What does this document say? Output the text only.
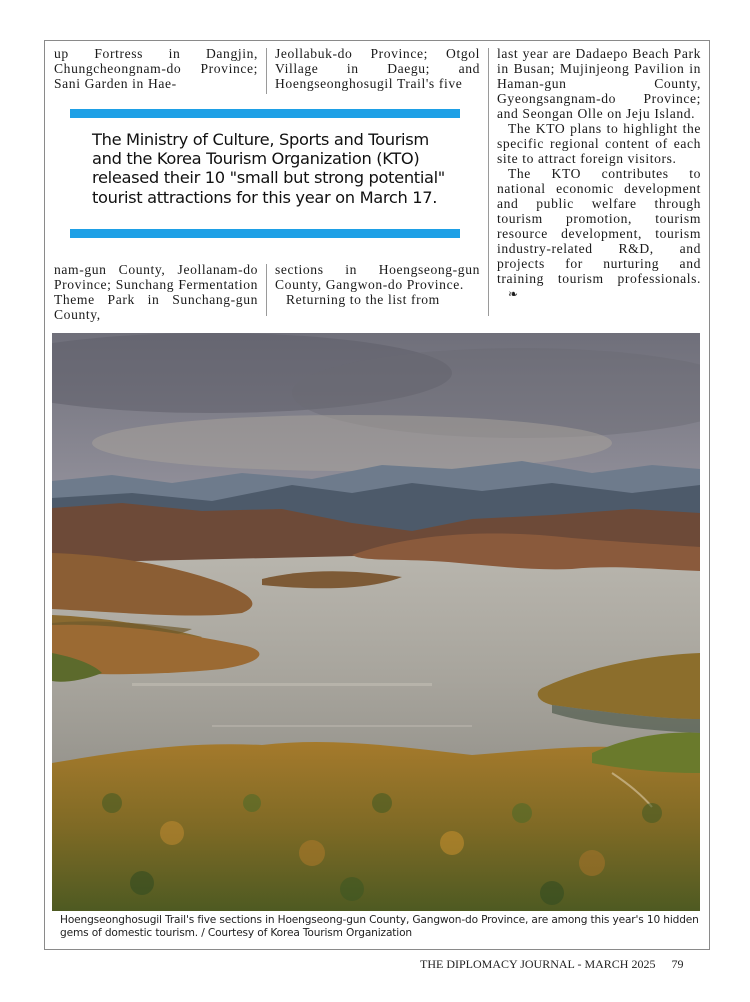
up Fortress in Dangjin, Chungcheongnam-do Province; Sani Garden in Hae-

Jeollabuk-do Province; Otgol Village in Daegu; and Hoengseonghosugil Trail's five

The Ministry of Culture, Sports and Tourism and the Korea Tourism Organization (KTO) released their 10 "small but strong potential" tourist attractions for this year on March 17.

nam-gun County, Jeollanam-do Province; Sunchang Fermentation Theme Park in Sunchang-gun County,

sections in Hoengseong-gun County, Gangwon-do Province.

Returning to the list from

last year are Dadaepo Beach Park in Busan; Mujinjeong Pavilion in Haman-gun County, Gyeongsangnam-do Province; and Seongan Olle on Jeju Island.

The KTO plans to highlight the specific regional content of each site to attract foreign visitors.

The KTO contributes to national economic development and public welfare through tourism promotion, tourism resource development, tourism industry-related R&D, and projects for nurturing and training tourism professionals. ❧

Hoengseonghosugil Trail's five sections in Hoengseong-gun County, Gangwon-do Province, are among this year's 10 hidden gems of domestic tourism. / Courtesy of Korea Tourism Organization
THE DIPLOMACY JOURNAL - MARCH 2025 79
